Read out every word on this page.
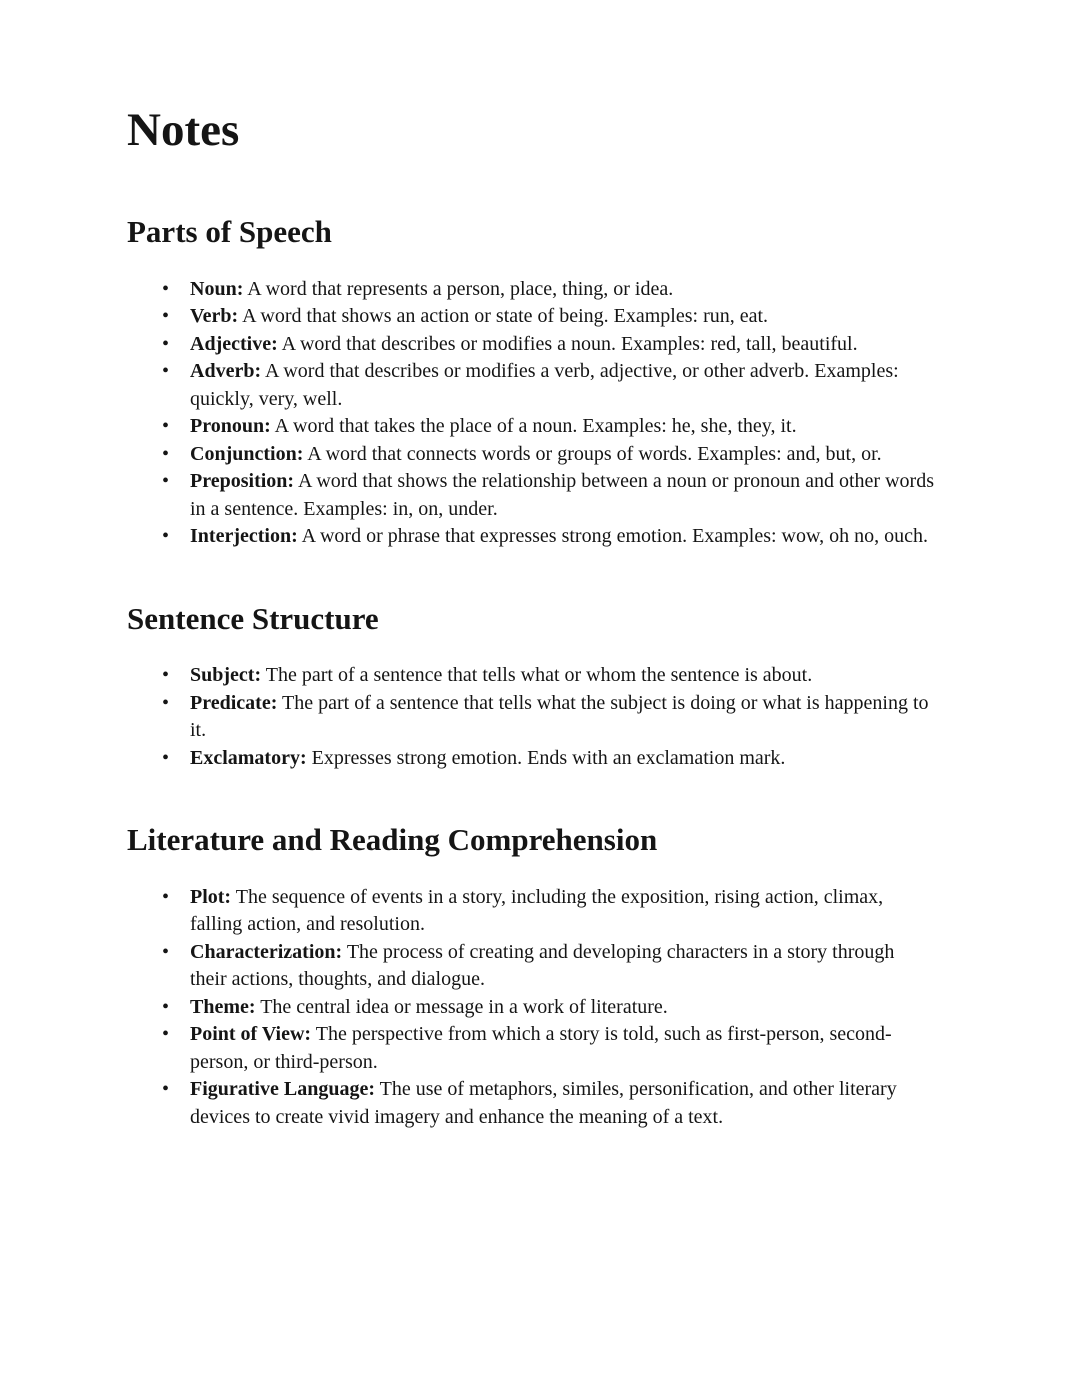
Notes
Parts of Speech
• Noun: A word that represents a person, place, thing, or idea.
• Verb: A word that shows an action or state of being. Examples: run, eat.
• Adjective: A word that describes or modifies a noun. Examples: red, tall, beautiful.
• Adverb: A word that describes or modifies a verb, adjective, or other adverb. Examples: quickly, very, well.
• Pronoun: A word that takes the place of a noun. Examples: he, she, they, it.
• Conjunction: A word that connects words or groups of words. Examples: and, but, or.
• Preposition: A word that shows the relationship between a noun or pronoun and other words in a sentence. Examples: in, on, under.
• Interjection: A word or phrase that expresses strong emotion. Examples: wow, oh no, ouch.
Sentence Structure
• Subject: The part of a sentence that tells what or whom the sentence is about.
• Predicate: The part of a sentence that tells what the subject is doing or what is happening to it.
• Exclamatory: Expresses strong emotion. Ends with an exclamation mark.
Literature and Reading Comprehension
• Plot: The sequence of events in a story, including the exposition, rising action, climax, falling action, and resolution.
• Characterization: The process of creating and developing characters in a story through their actions, thoughts, and dialogue.
• Theme: The central idea or message in a work of literature.
• Point of View: The perspective from which a story is told, such as first-person, second-person, or third-person.
• Figurative Language: The use of metaphors, similes, personification, and other literary devices to create vivid imagery and enhance the meaning of a text.
